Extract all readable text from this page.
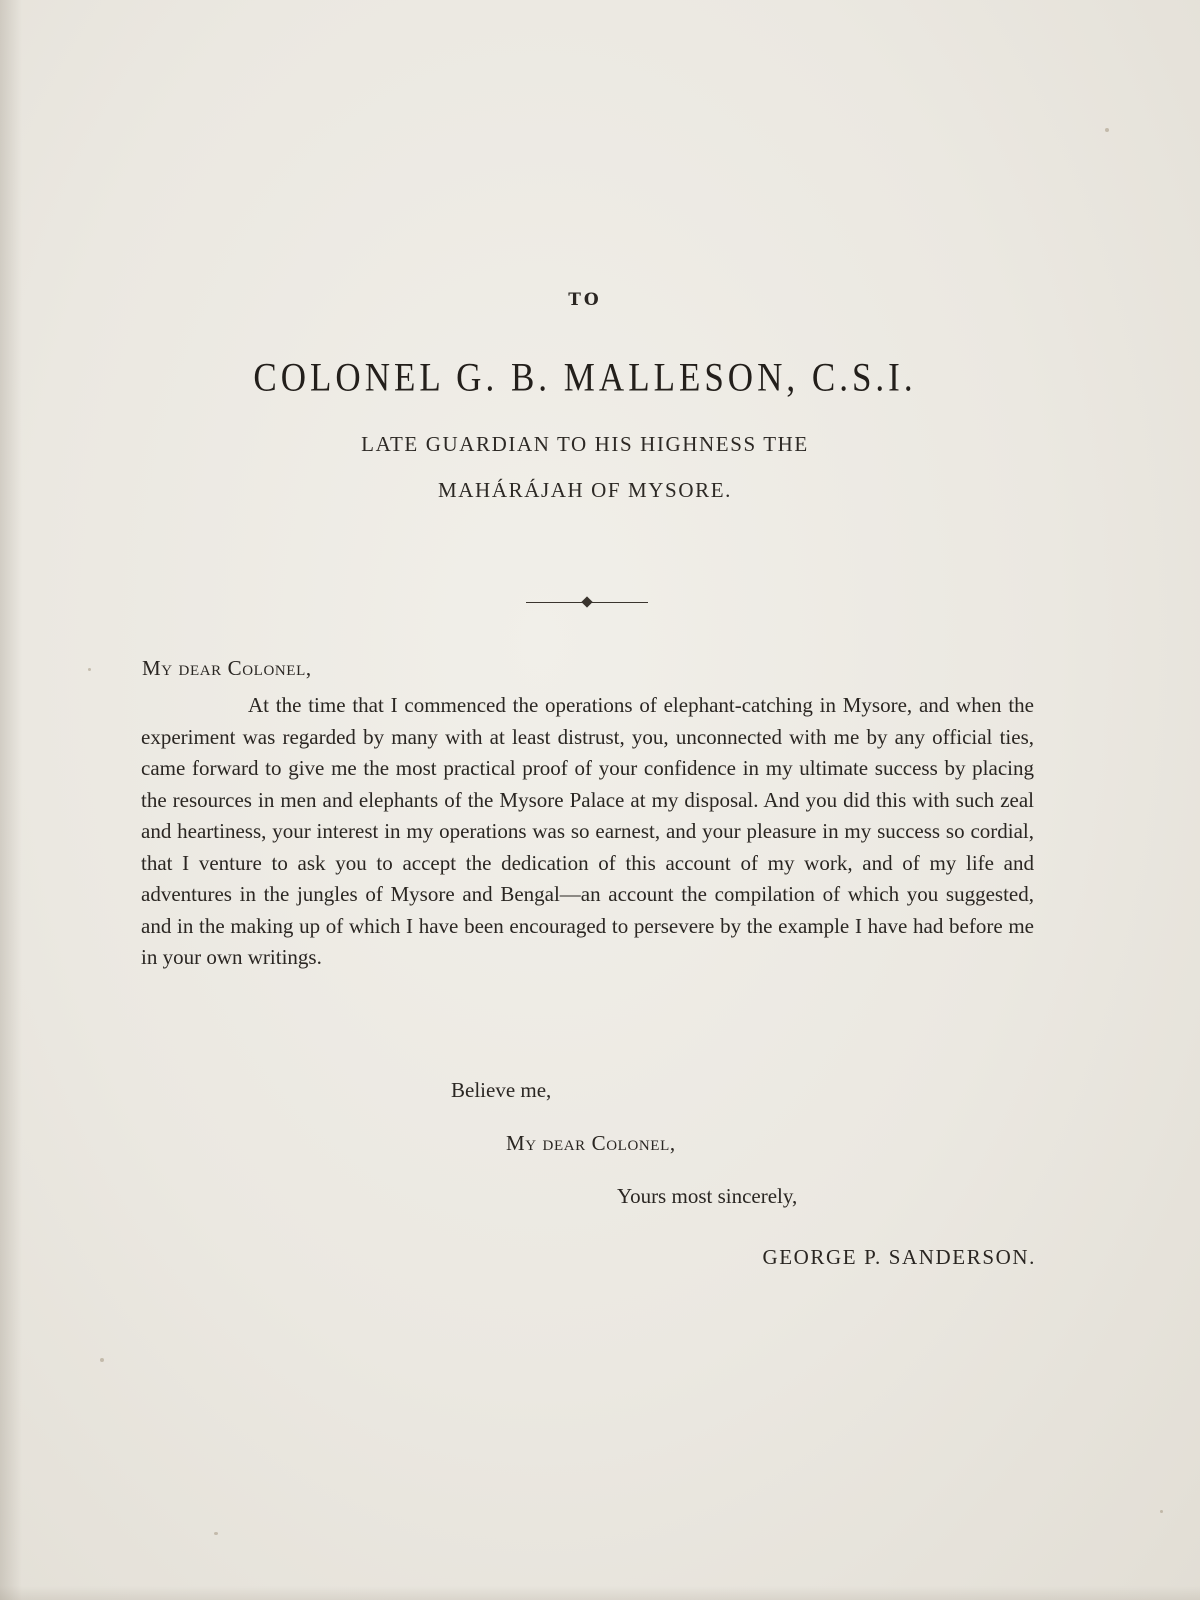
TO
COLONEL G. B. MALLESON, C.S.I.
LATE GUARDIAN TO HIS HIGHNESS THE
MAHÁRÁJAH OF MYSORE.
My dear Colonel,
At the time that I commenced the operations of elephant-catching in Mysore, and when the experiment was regarded by many with at least distrust, you, unconnected with me by any official ties, came forward to give me the most practical proof of your confidence in my ultimate success by placing the resources in men and elephants of the Mysore Palace at my disposal. And you did this with such zeal and heartiness, your interest in my operations was so earnest, and your pleasure in my success so cordial, that I venture to ask you to accept the dedication of this account of my work, and of my life and adventures in the jungles of Mysore and Bengal—an account the compilation of which you suggested, and in the making up of which I have been encouraged to persevere by the example I have had before me in your own writings.
Believe me,
My dear Colonel,
Yours most sincerely,
GEORGE P. SANDERSON.
